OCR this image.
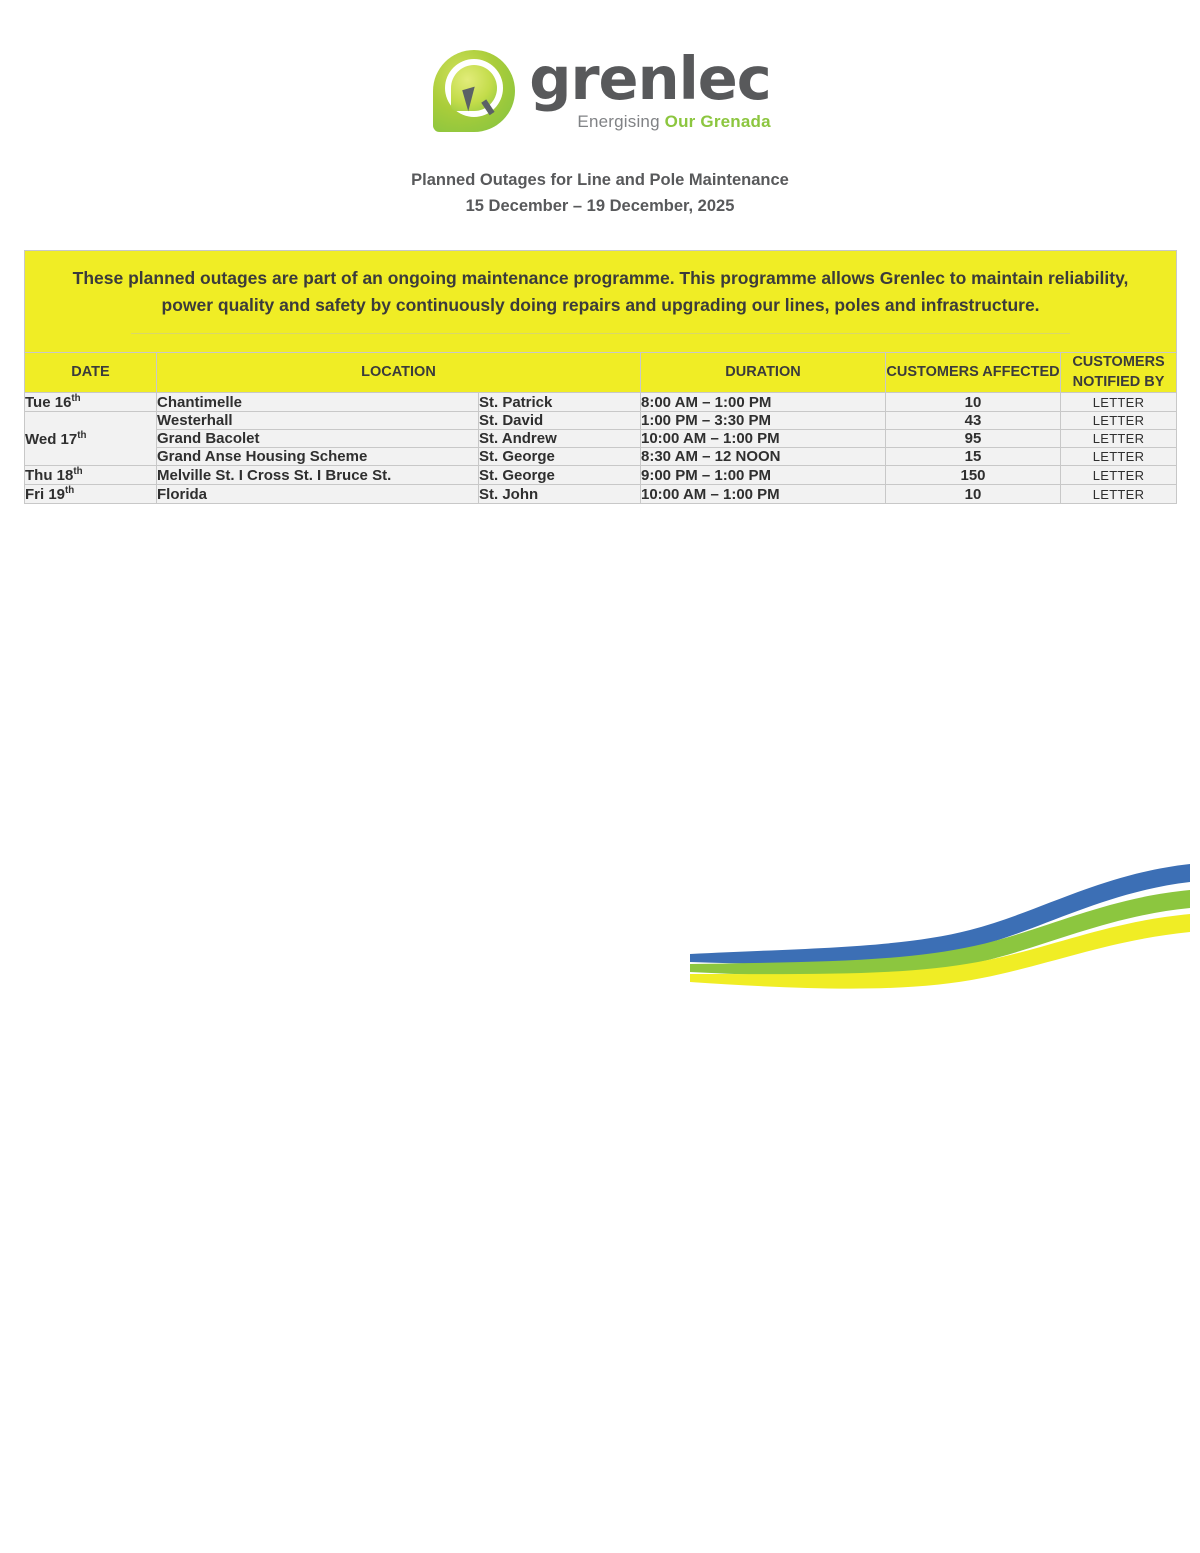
grenlec
Energising Our Grenada
Planned Outages for Line and Pole Maintenance
15 December – 19 December, 2025
These planned outages are part of an ongoing maintenance programme. This programme allows Grenlec to maintain reliability, power quality and safety by continuously doing repairs and upgrading our lines, poles and infrastructure.					

DATE	LOCATION		DURATION	CUSTOMERS AFFECTED	CUSTOMERS NOTIFIED BY
Tue 16th	Chantimelle	St. Patrick	8:00 AM – 1:00 PM	10	LETTER
Wed 17th	Westerhall	St. David	1:00 PM – 3:30 PM	43	LETTER
	Grand Bacolet	St. Andrew	10:00 AM – 1:00 PM	95	LETTER
	Grand Anse Housing Scheme	St. George	8:30 AM – 12 NOON	15	LETTER
Thu 18th	Melville St. I Cross St. I Bruce St.	St. George	9:00 PM – 1:00 PM	150	LETTER
Fri 19th	Florida	St. John	10:00 AM – 1:00 PM	10	LETTER
